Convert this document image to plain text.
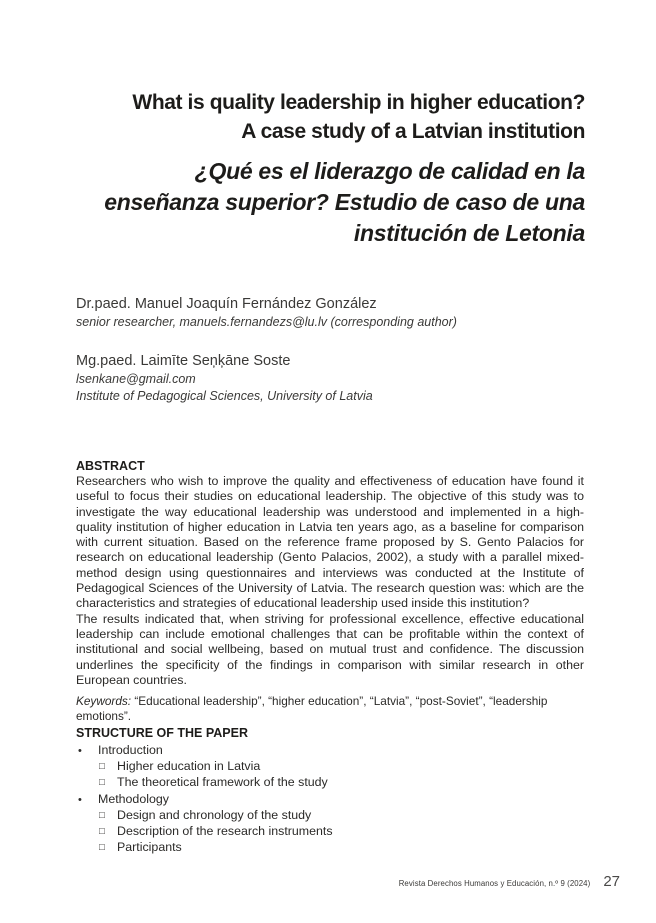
What is quality leadership in higher education?
A case study of a Latvian institution
¿Qué es el liderazgo de calidad en la
enseñanza superior? Estudio de caso de una
institución de Letonia
Dr.paed. Manuel Joaquín Fernández González
senior researcher, manuels.fernandezs@lu.lv (corresponding author)
Mg.paed. Laimīte Seņķāne Soste
lsenkane@gmail.com
Institute of Pedagogical Sciences, University of Latvia
ABSTRACT

Researchers who wish to improve the quality and effectiveness of education have found it useful to focus their studies on educational leadership. The objective of this study was to investigate the way educational leadership was understood and implemented in a high-quality institution of higher education in Latvia ten years ago, as a baseline for comparison with current situation. Based on the reference frame proposed by S. Gento Palacios for research on educational leadership (Gento Palacios, 2002), a study with a parallel mixed-method design using questionnaires and interviews was conducted at the Institute of Pedagogical Sciences of the University of Latvia. The research question was: which are the characteristics and strategies of educational leadership used inside this institution?

The results indicated that, when striving for professional excellence, effective educational leadership can include emotional challenges that can be profitable within the context of institutional and social wellbeing, based on mutual trust and confidence. The discussion underlines the specificity of the findings in comparison with similar research in other European countries.

Keywords: “Educational leadership”, “higher education”, “Latvia”, “post-Soviet”, “leadership emotions”.
STRUCTURE OF THE PAPER
•	Introduction
□ Higher education in Latvia
□ The theoretical framework of the study
•	Methodology
□ Design and chronology of the study
□ Description of the research instruments
□ Participants
Revista Derechos Humanos y Educación, n.º 9 (2024) 27
